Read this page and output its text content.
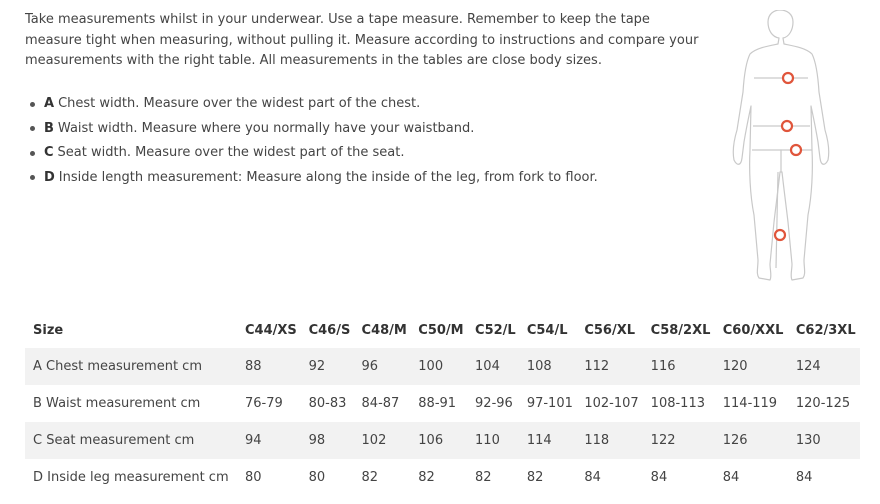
Take measurements whilst in your underwear. Use a tape measure. Remember to keep the tape measure tight when measuring, without pulling it. Measure according to instructions and compare your measurements with the right table. All measurements in the tables are close body sizes.

A Chest width. Measure over the widest part of the chest.
B Waist width. Measure where you normally have your waistband.
C Seat width. Measure over the widest part of the seat.
D Inside length measurement: Measure along the inside of the leg, from fork to floor.
Size	C44/XS	C46/S	C48/M	C50/M	C52/L	C54/L	C56/XL	C58/2XL	C60/XXL	C62/3XL
A Chest measurement cm	88	92	96	100	104	108	112	116	120	124
B Waist measurement cm	76-79	80-83	84-87	88-91	92-96	97-101	102-107	108-113	114-119	120-125
C Seat measurement cm	94	98	102	106	110	114	118	122	126	130
D Inside leg measurement cm	80	80	82	82	82	82	84	84	84	84
